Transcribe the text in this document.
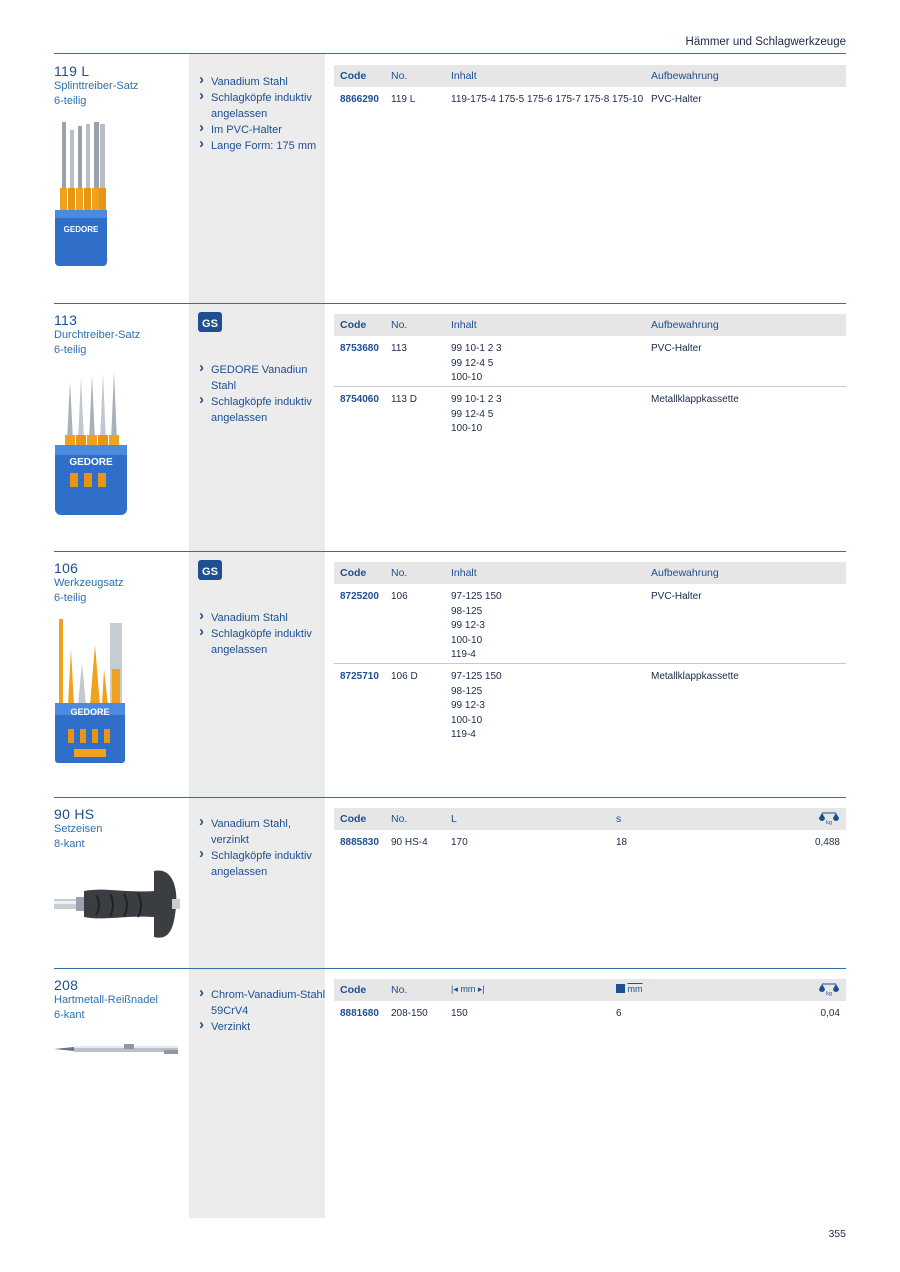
Hämmer und Schlagwerkzeuge
119 L
Splinttreiber-Satz
6-teilig
GEDORE
› Vanadium Stahl
› Schlagköpfe induktiv angelassen
› Im PVC-Halter
› Lange Form: 175 mm
Code No.	Inhalt	Aufbewahrung
8866290 119 L	119-175-4 175-5 175-6 175-7 175-8 175-10 PVC-Halter
113
Durchtreiber-Satz
6-teilig
GEDORE
GS
› GEDORE Vanadiun Stahl
› Schlagköpfe induktiv angelassen
Code No.	Inhalt	Aufbewahrung
8753680 113	99 10-1 2 3
99 12-4 5
100-10
PVC-Halter
8754060 113 D	99 10-1 2 3
99 12-4 5
100-10
Metallklappkassette
106
Werkzeugsatz
6-teilig
GEDORE
GS
› Vanadium Stahl
› Schlagköpfe induktiv angelassen
Code No.	Inhalt	Aufbewahrung
8725200 106	97-125 150
98-125
99 12-3
100-10
119-4
PVC-Halter
8725710 106 D	97-125 150
98-125
99 12-3
100-10
119-4
Metallklappkassette
90 HS
Setzeisen
8-kant
› Vanadium Stahl, verzinkt
› Schlagköpfe induktiv angelassen
Code No.	L	s	kg
8885830 90 HS-4 170	18	0,488
208
Hartmetall-Reißnadel
6-kant
› Chrom-Vanadium-Stahl 59CrV4
› Verzinkt
Code No.	|◂ mm ▸|	$\overline{mm}$	kg
8881680 208-150 150	6	0,04
355
